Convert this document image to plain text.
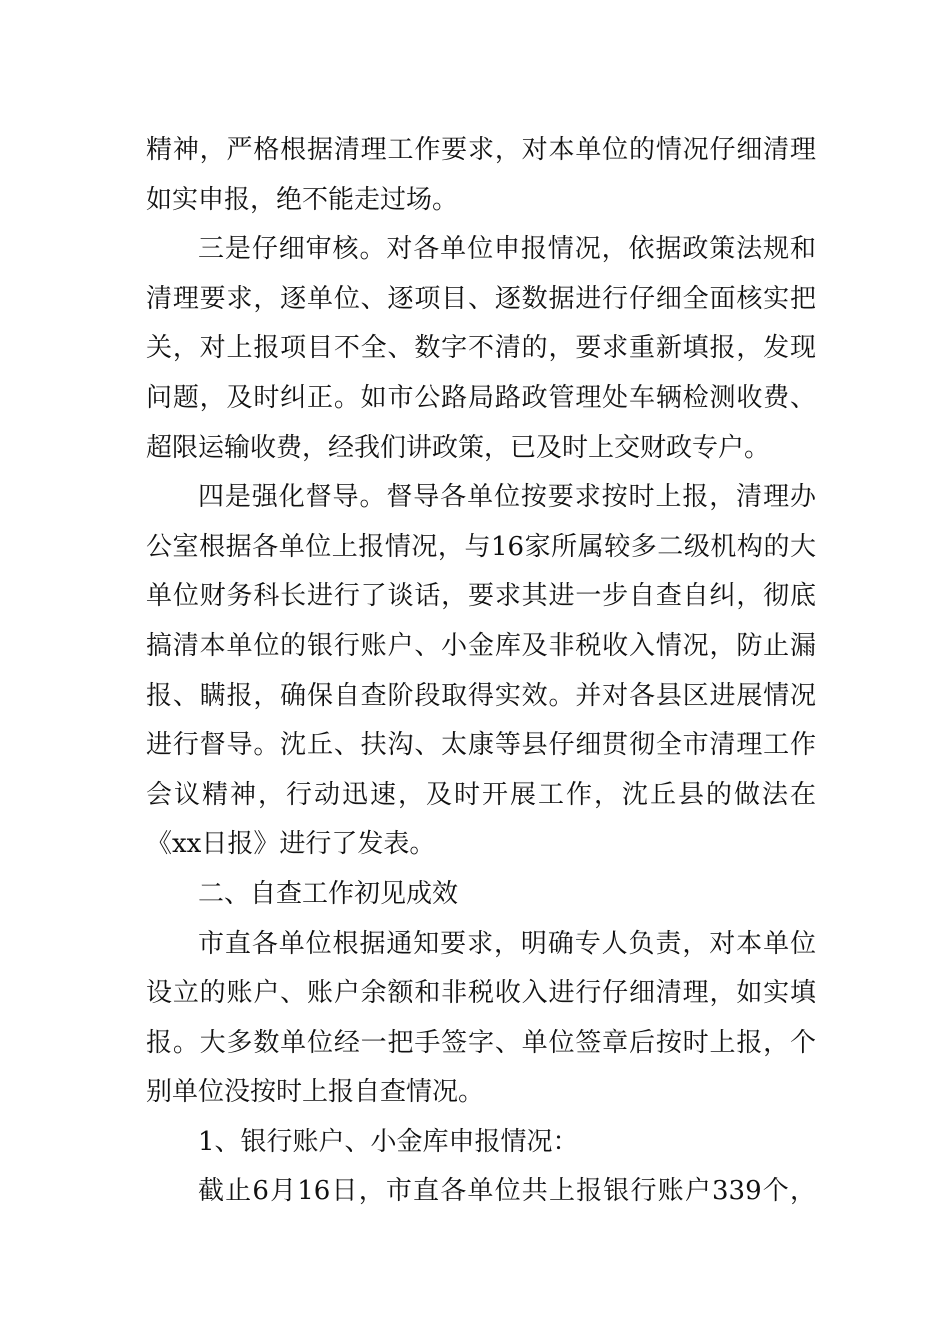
精神，严格根据清理工作要求，对本单位的情况仔细清理
如实申报，绝不能走过场。
三是仔细审核。对各单位申报情况，依据政策法规和
清理要求，逐单位、逐项目、逐数据进行仔细全面核实把
关，对上报项目不全、数字不清的，要求重新填报，发现
问题，及时纠正。如市公路局路政管理处车辆检测收费、
超限运输收费，经我们讲政策，已及时上交财政专户。
四是强化督导。督导各单位按要求按时上报，清理办
公室根据各单位上报情况，与16家所属较多二级机构的大
单位财务科长进行了谈话，要求其进一步自查自纠，彻底
搞清本单位的银行账户、小金库及非税收入情况，防止漏
报、瞒报，确保自查阶段取得实效。并对各县区进展情况
进行督导。沈丘、扶沟、太康等县仔细贯彻全市清理工作
会议精神，行动迅速，及时开展工作，沈丘县的做法在
《xx日报》进行了发表。
二、自查工作初见成效
市直各单位根据通知要求，明确专人负责，对本单位
设立的账户、账户余额和非税收入进行仔细清理，如实填
报。大多数单位经一把手签字、单位签章后按时上报，个
别单位没按时上报自查情况。
1、银行账户、小金库申报情况：
截止6月16日，市直各单位共上报银行账户339个，
